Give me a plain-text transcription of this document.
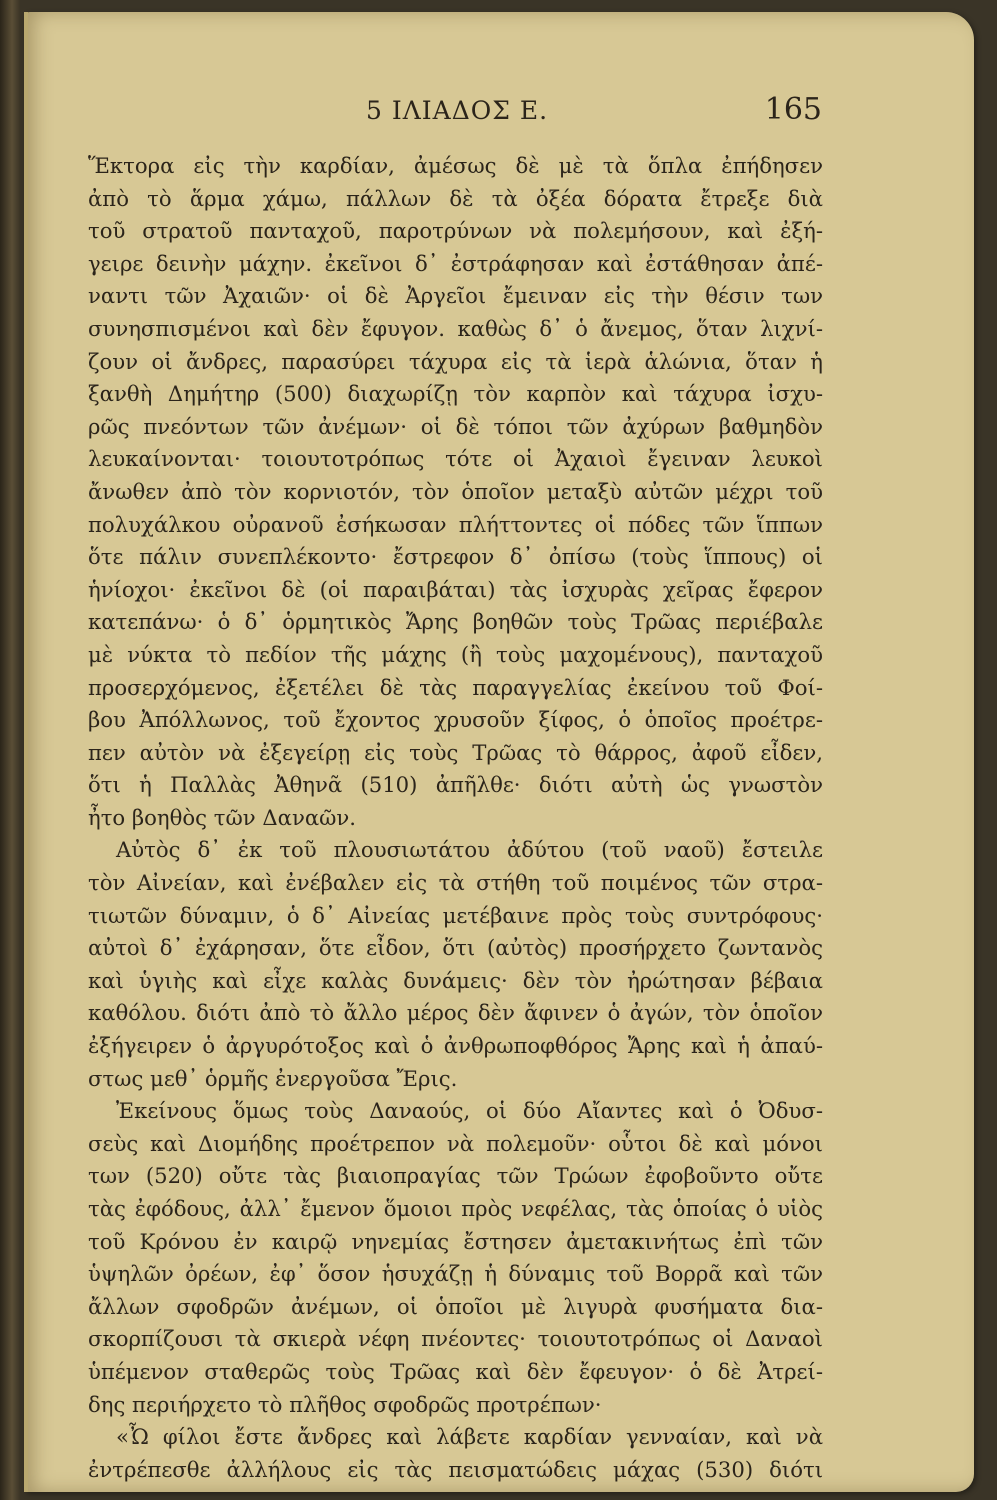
5 ΙΛΙΑΔΟΣ Ε.	165
Ἕκτορα εἰς τὴν καρδίαν, ἀμέσως δὲ μὲ τὰ ὅπλα ἐπήδησεν
ἀπὸ τὸ ἅρμα χάμω, πάλλων δὲ τὰ ὀξέα δόρατα ἔτρεξε διὰ
τοῦ στρατοῦ πανταχοῦ, παροτρύνων νὰ πολεμήσουν, καὶ ἐξή-
γειρε δεινὴν μάχην. ἐκεῖνοι δ᾽ ἐστράφησαν καὶ ἐστάθησαν ἀπέ-
ναντι τῶν Ἀχαιῶν· οἱ δὲ Ἀργεῖοι ἔμειναν εἰς τὴν θέσιν των
συνησπισμένοι καὶ δὲν ἔφυγον. καθὼς δ᾽ ὁ ἄνεμος, ὅταν λιχνί-
ζουν οἱ ἄνδρες, παρασύρει τάχυρα εἰς τὰ ἱερὰ ἁλώνια, ὅταν ἡ
ξανθὴ Δημήτηρ (500) διαχωρίζῃ τὸν καρπὸν καὶ τάχυρα ἰσχυ-
ρῶς πνεόντων τῶν ἀνέμων· οἱ δὲ τόποι τῶν ἀχύρων βαθμηδὸν
λευκαίνονται· τοιουτοτρόπως τότε οἱ Ἀχαιοὶ ἔγειναν λευκοὶ
ἄνωθεν ἀπὸ τὸν κορνιοτόν, τὸν ὁποῖον μεταξὺ αὐτῶν μέχρι τοῦ
πολυχάλκου οὐρανοῦ ἐσήκωσαν πλήττοντες οἱ πόδες τῶν ἵππων
ὅτε πάλιν συνεπλέκοντο· ἔστρεφον δ᾽ ὀπίσω (τοὺς ἵππους) οἱ
ἡνίοχοι· ἐκεῖνοι δὲ (οἱ παραιβάται) τὰς ἰσχυρὰς χεῖρας ἔφερον
κατεπάνω· ὁ δ᾽ ὁρμητικὸς Ἄρης βοηθῶν τοὺς Τρῶας περιέβαλε
μὲ νύκτα τὸ πεδίον τῆς μάχης (ἢ τοὺς μαχομένους), πανταχοῦ
προσερχόμενος, ἐξετέλει δὲ τὰς παραγγελίας ἐκείνου τοῦ Φοί-
βου Ἀπόλλωνος, τοῦ ἔχοντος χρυσοῦν ξίφος, ὁ ὁποῖος προέτρε-
πεν αὐτὸν νὰ ἐξεγείρῃ εἰς τοὺς Τρῶας τὸ θάρρος, ἀφοῦ εἶδεν,
ὅτι ἡ Παλλὰς Ἀθηνᾶ (510) ἀπῆλθε· διότι αὐτὴ ὡς γνωστὸν
ἦτο βοηθὸς τῶν Δαναῶν.
Αὐτὸς δ᾽ ἐκ τοῦ πλουσιωτάτου ἀδύτου (τοῦ ναοῦ) ἔστειλε
τὸν Αἰνείαν, καὶ ἐνέβαλεν εἰς τὰ στήθη τοῦ ποιμένος τῶν στρα-
τιωτῶν δύναμιν, ὁ δ᾽ Αἰνείας μετέβαινε πρὸς τοὺς συντρόφους·
αὐτοὶ δ᾽ ἐχάρησαν, ὅτε εἶδον, ὅτι (αὐτὸς) προσήρχετο ζωντανὸς
καὶ ὑγιὴς καὶ εἶχε καλὰς δυνάμεις· δὲν τὸν ἠρώτησαν βέβαια
καθόλου. διότι ἀπὸ τὸ ἄλλο μέρος δὲν ἄφινεν ὁ ἀγών, τὸν ὁποῖον
ἐξήγειρεν ὁ ἀργυρότοξος καὶ ὁ ἀνθρωποφθόρος Ἄρης καὶ ἡ ἀπαύ-
στως μεθ᾽ ὁρμῆς ἐνεργοῦσα Ἔρις.
Ἐκείνους ὅμως τοὺς Δαναούς, οἱ δύο Αἴαντες καὶ ὁ Ὀδυσ-
σεὺς καὶ Διομήδης προέτρεπον νὰ πολεμοῦν· οὗτοι δὲ καὶ μόνοι
των (520) οὔτε τὰς βιαιοπραγίας τῶν Τρώων ἐφοβοῦντο οὔτε
τὰς ἐφόδους, ἀλλ᾽ ἔμενον ὅμοιοι πρὸς νεφέλας, τὰς ὁποίας ὁ υἱὸς
τοῦ Κρόνου ἐν καιρῷ νηνεμίας ἔστησεν ἀμετακινήτως ἐπὶ τῶν
ὑψηλῶν ὀρέων, ἐφ᾽ ὅσον ἡσυχάζῃ ἡ δύναμις τοῦ Βορρᾶ καὶ τῶν
ἄλλων σφοδρῶν ἀνέμων, οἱ ὁποῖοι μὲ λιγυρὰ φυσήματα δια-
σκορπίζουσι τὰ σκιερὰ νέφη πνέοντες· τοιουτοτρόπως οἱ Δαναοὶ
ὑπέμενον σταθερῶς τοὺς Τρῶας καὶ δὲν ἔφευγον· ὁ δὲ Ἀτρεί-
δης περιήρχετο τὸ πλῆθος σφοδρῶς προτρέπων·
«Ὦ φίλοι ἔστε ἄνδρες καὶ λάβετε καρδίαν γενναίαν, καὶ νὰ
ἐντρέπεσθε ἀλλήλους εἰς τὰς πεισματώδεις μάχας (530) διότι
